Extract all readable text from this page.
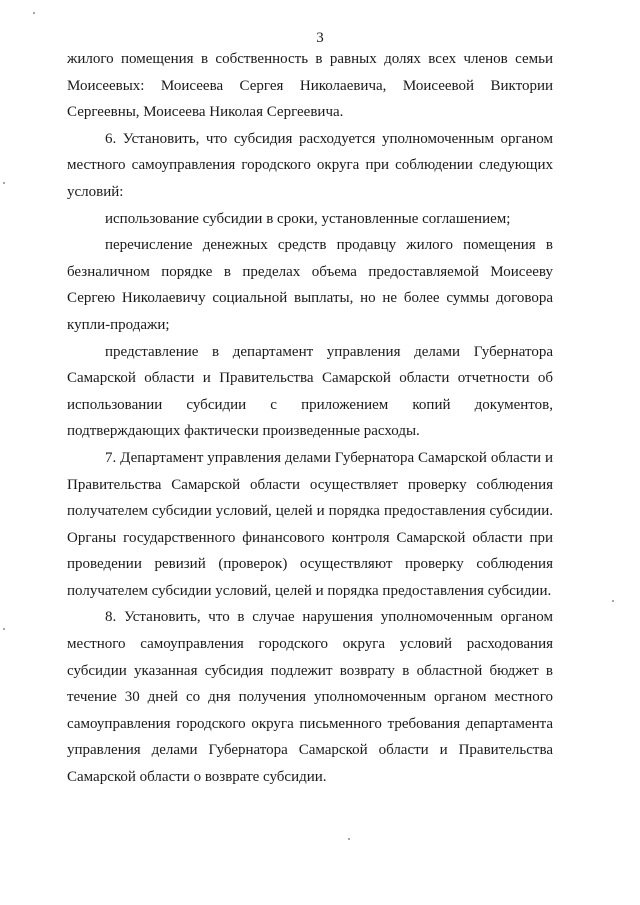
3

жилого помещения в собственность в равных долях всех членов семьи Моисеевых: Моисеева Сергея Николаевича, Моисеевой Виктории Сергеевны, Моисеева Николая Сергеевича.

6. Установить, что субсидия расходуется уполномоченным органом местного самоуправления городского округа при соблюдении следующих условий:

использование субсидии в сроки, установленные соглашением;

перечисление денежных средств продавцу жилого помещения в безналичном порядке в пределах объема предоставляемой Моисееву Сергею Николаевичу социальной выплаты, но не более суммы договора купли-продажи;

представление в департамент управления делами Губернатора Самарской области и Правительства Самарской области отчетности об использовании субсидии с приложением копий документов, подтверждающих фактически произведенные расходы.

7. Департамент управления делами Губернатора Самарской области и Правительства Самарской области осуществляет проверку соблюдения получателем субсидии условий, целей и порядка предоставления субсидии. Органы государственного финансового контроля Самарской области при проведении ревизий (проверок) осуществляют проверку соблюдения получателем субсидии условий, целей и порядка предоставления субсидии.

8. Установить, что в случае нарушения уполномоченным органом местного самоуправления городского округа условий расходования субсидии указанная субсидия подлежит возврату в областной бюджет в течение 30 дней со дня получения уполномоченным органом местного самоуправления городского округа письменного требования департамента управления делами Губернатора Самарской области и Правительства Самарской области о возврате субсидии.
